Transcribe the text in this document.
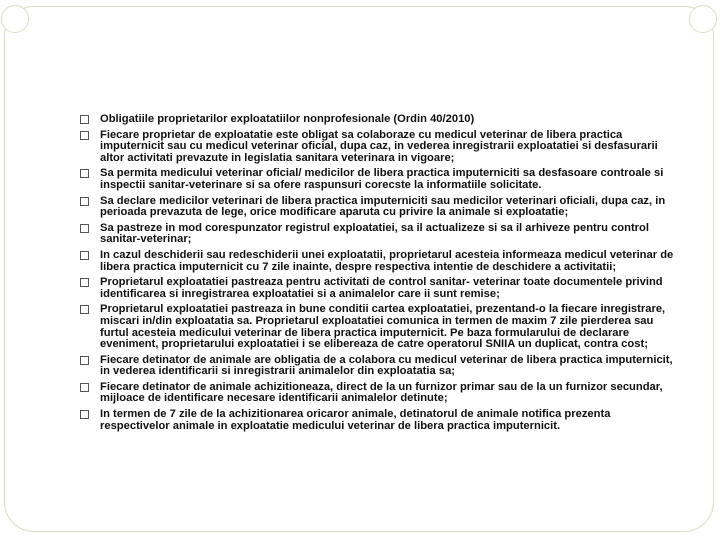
Obligatiile proprietarilor exploatatiilor nonprofesionale (Ordin 40/2010)
Fiecare proprietar de exploatatie este obligat sa colaboraze cu medicul veterinar de libera practica imputernicit sau cu medicul veterinar oficial, dupa caz, in vederea inregistrarii exploatatiei si desfasurarii altor activitati prevazute in legislatia sanitara veterinara in vigoare;
Sa permita medicului veterinar oficial/ medicilor de libera practica imputerniciti sa desfasoare controale si inspectii sanitar-veterinare si sa ofere raspunsuri corecste la informatiile solicitate.
Sa declare medicilor veterinari de libera practica imputerniciti sau medicilor veterinari oficiali, dupa caz, in perioada prevazuta de lege, orice modificare aparuta cu privire la animale si exploatatie;
Sa pastreze in mod corespunzator registrul exploatatiei, sa il actualizeze si sa il arhiveze pentru control sanitar-veterinar;
In cazul deschiderii sau redeschiderii unei exploatatii, proprietarul acesteia informeaza medicul veterinar de libera practica imputernicit cu 7 zile inainte, despre respectiva intentie de deschidere a activitatii;
Proprietarul exploatatiei pastreaza pentru activitati de control sanitar- veterinar toate documentele privind identificarea si inregistrarea exploatatiei si a animalelor care ii sunt remise;
Proprietarul exploatatiei pastreaza in bune conditii cartea exploatatiei, prezentand-o la fiecare inregistrare, miscari in/din exploatatia sa. Proprietarul exploatatiei comunica in termen de maxim 7 zile pierderea sau furtul acesteia medicului veterinar de libera practica imputernicit. Pe baza formularului de declarare eveniment, proprietarului exploatatiei i se elibereaza de catre operatorul SNIIA un duplicat, contra cost;
Fiecare detinator de animale are obligatia de a colabora cu medicul veterinar de libera practica imputernicit, in vederea identificarii si inregistrarii animalelor din exploatatia sa;
Fiecare detinator de animale achizitioneaza, direct de la un furnizor primar sau de la un furnizor secundar, mijloace de identificare necesare identificarii animalelor detinute;
In termen de 7 zile de la achizitionarea oricaror animale, detinatorul de animale notifica prezenta respectivelor animale in exploatatie medicului veterinar de libera practica imputernicit.
